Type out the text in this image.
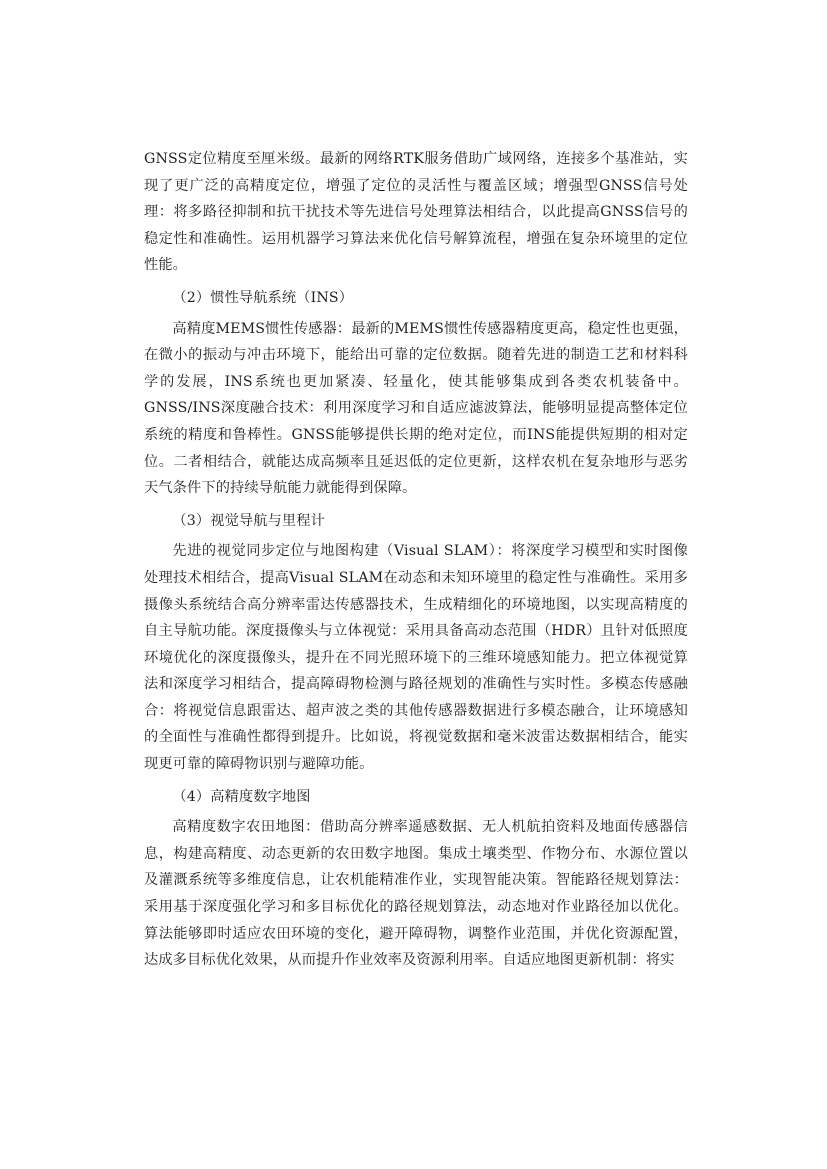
GNSS定位精度至厘米级。最新的网络RTK服务借助广域网络，连接多个基准站，实现了更广泛的高精度定位，增强了定位的灵活性与覆盖区域；增强型GNSS信号处理：将多路径抑制和抗干扰技术等先进信号处理算法相结合，以此提高GNSS信号的稳定性和准确性。运用机器学习算法来优化信号解算流程，增强在复杂环境里的定位性能。

（2）惯性导航系统（INS）

高精度MEMS惯性传感器：最新的MEMS惯性传感器精度更高，稳定性也更强，在微小的振动与冲击环境下，能给出可靠的定位数据。随着先进的制造工艺和材料科学的发展，INS系统也更加紧凑、轻量化，使其能够集成到各类农机装备中。GNSS/INS深度融合技术：利用深度学习和自适应滤波算法，能够明显提高整体定位系统的精度和鲁棒性。GNSS能够提供长期的绝对定位，而INS能提供短期的相对定位。二者相结合，就能达成高频率且延迟低的定位更新，这样农机在复杂地形与恶劣天气条件下的持续导航能力就能得到保障。

（3）视觉导航与里程计

先进的视觉同步定位与地图构建（Visual SLAM）：将深度学习模型和实时图像处理技术相结合，提高Visual SLAM在动态和未知环境里的稳定性与准确性。采用多摄像头系统结合高分辨率雷达传感器技术，生成精细化的环境地图，以实现高精度的自主导航功能。深度摄像头与立体视觉：采用具备高动态范围（HDR）且针对低照度环境优化的深度摄像头，提升在不同光照环境下的三维环境感知能力。把立体视觉算法和深度学习相结合，提高障碍物检测与路径规划的准确性与实时性。多模态传感融合：将视觉信息跟雷达、超声波之类的其他传感器数据进行多模态融合，让环境感知的全面性与准确性都得到提升。比如说，将视觉数据和毫米波雷达数据相结合，能实现更可靠的障碍物识别与避障功能。

（4）高精度数字地图

高精度数字农田地图：借助高分辨率遥感数据、无人机航拍资料及地面传感器信息，构建高精度、动态更新的农田数字地图。集成土壤类型、作物分布、水源位置以及灌溉系统等多维度信息，让农机能精准作业，实现智能决策。智能路径规划算法：采用基于深度强化学习和多目标优化的路径规划算法，动态地对作业路径加以优化。算法能够即时适应农田环境的变化，避开障碍物，调整作业范围，并优化资源配置，达成多目标优化效果，从而提升作业效率及资源利用率。自适应地图更新机制：将实
